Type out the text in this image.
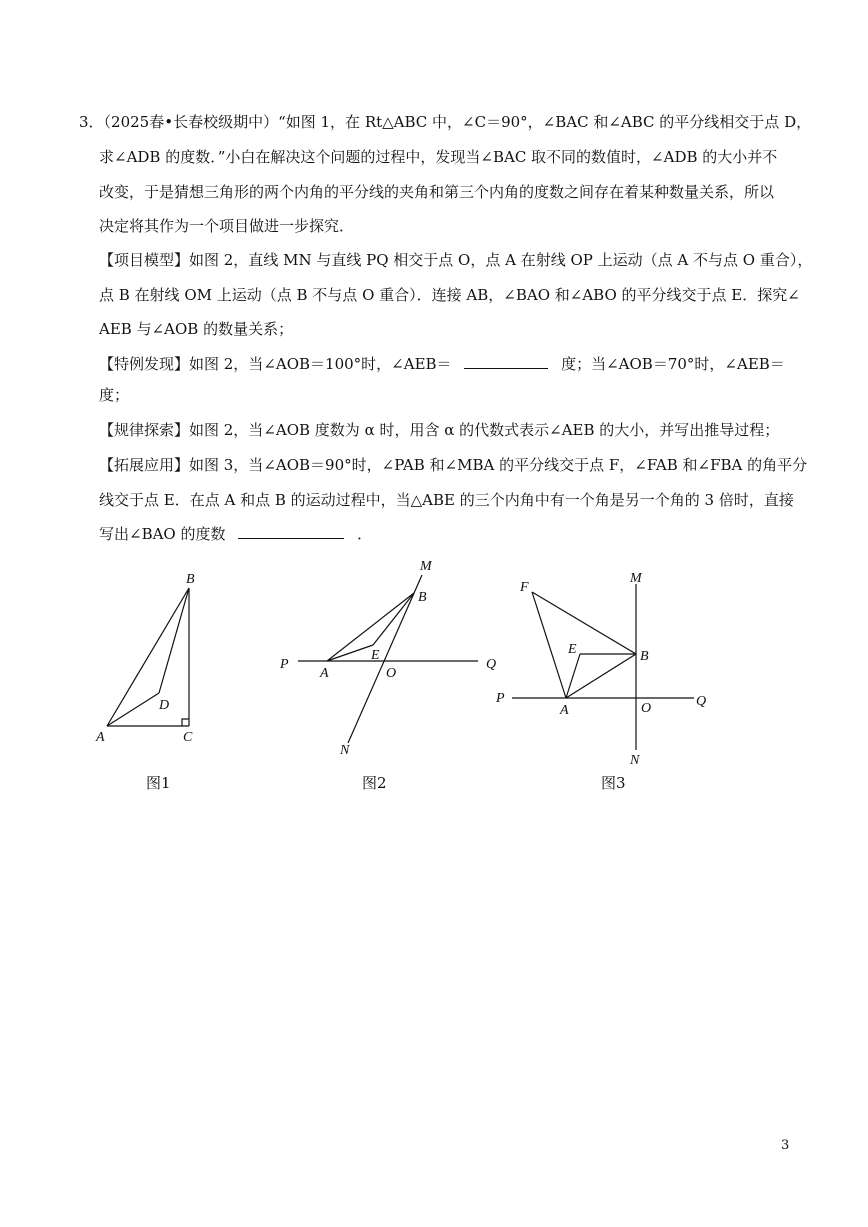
3．（2025春•长春校级期中）“如图 1，在 Rt△ABC 中，∠C＝90°，∠BAC 和∠ABC 的平分线相交于点 D，
求∠ADB 的度数．”小白在解决这个问题的过程中，发现当∠BAC 取不同的数值时，∠ADB 的大小并不
改变，于是猜想三角形的两个内角的平分线的夹角和第三个内角的度数之间存在着某种数量关系，所以
决定将其作为一个项目做进一步探究．
【项目模型】如图 2，直线 MN 与直线 PQ 相交于点 O，点 A 在射线 OP 上运动（点 A 不与点 O 重合），
点 B 在射线 OM 上运动（点 B 不与点 O 重合）．连接 AB，∠BAO 和∠ABO 的平分线交于点 E．探究∠
AEB 与∠AOB 的数量关系；
【特例发现】如图 2，当∠AOB＝100°时，∠AEB＝	度；当∠AOB＝70°时，∠AEB＝
度；
【规律探索】如图 2，当∠AOB 度数为 α 时，用含 α 的代数式表示∠AEB 的大小，并写出推导过程；
【拓展应用】如图 3，当∠AOB＝90°时，∠PAB 和∠MBA 的平分线交于点 F，∠FAB 和∠FBA 的角平分
线交于点 E．在点 A 和点 B 的运动过程中，当△ABE 的三个内角中有一个角是另一个角的 3 倍时，直接
写出∠BAO 的度数	．
A
B
C
D
图1
P	Q
M
N
A
B
E
O
图2
P	Q
M
N
F
A
B
E
O
图3
3
